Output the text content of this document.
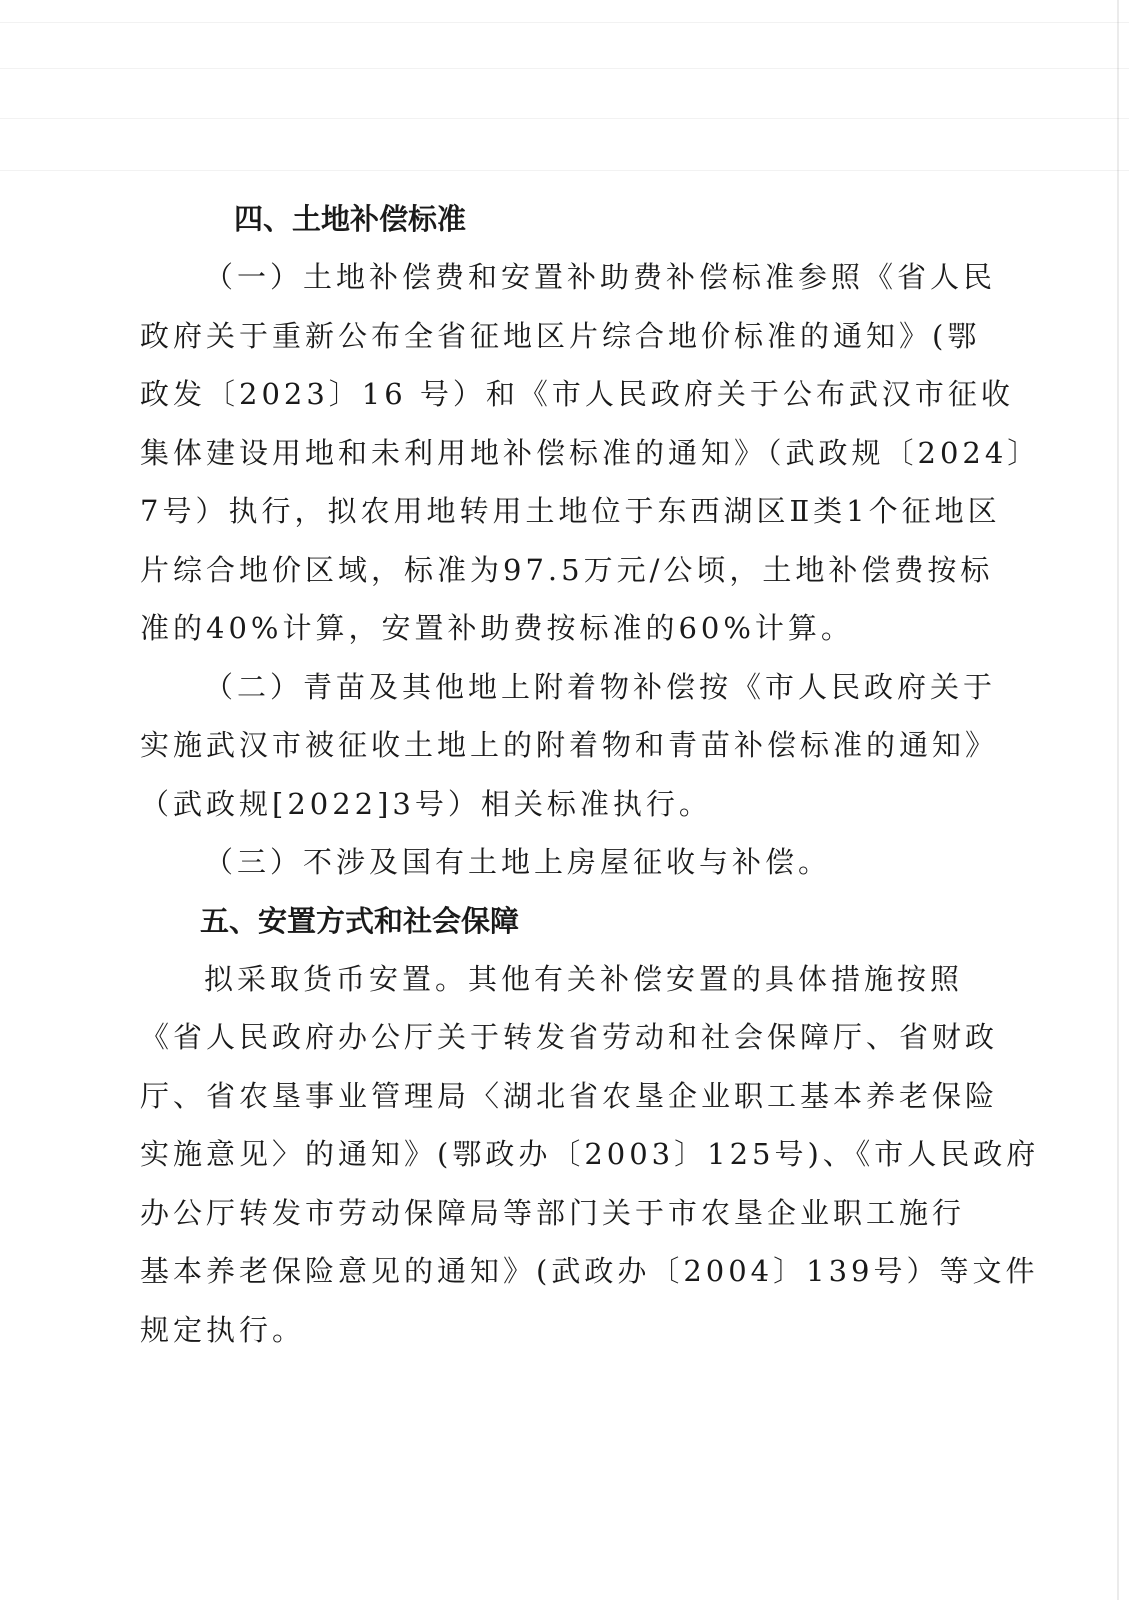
四、土地补偿标准
（一）土地补偿费和安置补助费补偿标准参照《省人民
政府关于重新公布全省征地区片综合地价标准的通知》(鄂
政发〔2023〕16 号）和《市人民政府关于公布武汉市征收
集体建设用地和未利用地补偿标准的通知》（武政规〔2024〕
7号）执行，拟农用地转用土地位于东西湖区Ⅱ类1个征地区
片综合地价区域，标准为97.5万元/公顷，土地补偿费按标
准的40%计算，安置补助费按标准的60%计算。
（二）青苗及其他地上附着物补偿按《市人民政府关于
实施武汉市被征收土地上的附着物和青苗补偿标准的通知》
（武政规[2022]3号）相关标准执行。
（三）不涉及国有土地上房屋征收与补偿。
五、安置方式和社会保障
拟采取货币安置。其他有关补偿安置的具体措施按照
《省人民政府办公厅关于转发省劳动和社会保障厅、省财政
厅、省农垦事业管理局〈湖北省农垦企业职工基本养老保险
实施意见〉的通知》(鄂政办〔2003〕125号)、《市人民政府
办公厅转发市劳动保障局等部门关于市农垦企业职工施行
基本养老保险意见的通知》(武政办〔2004〕139号）等文件
规定执行。
